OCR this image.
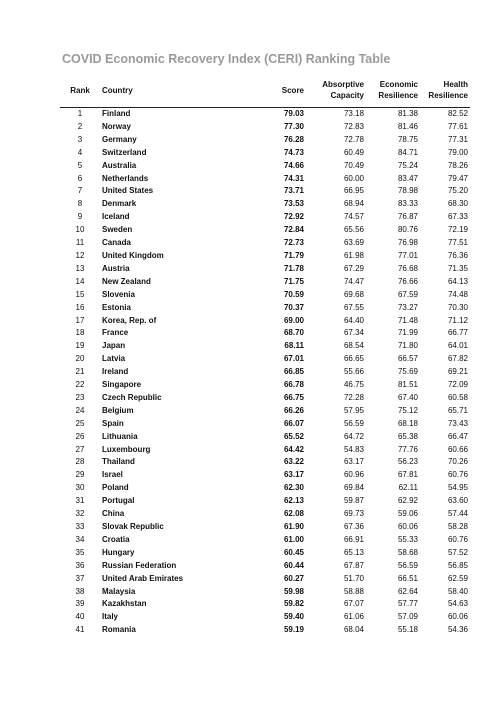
COVID Economic Recovery Index (CERI) Ranking Table
Rank	Country	Score	Absorptive Capacity	Economic Resilience	Health Resilience
1	Finland	79.03	73.18	81.38	82.52
2	Norway	77.30	72.83	81.46	77.61
3	Germany	76.28	72.78	78.75	77.31
4	Switzerland	74.73	60.49	84.71	79.00
5	Australia	74.66	70.49	75.24	78.26
6	Netherlands	74.31	60.00	83.47	79.47
7	United States	73.71	66.95	78.98	75.20
8	Denmark	73.53	68.94	83.33	68.30
9	Iceland	72.92	74.57	76.87	67.33
10	Sweden	72.84	65.56	80.76	72.19
11	Canada	72.73	63.69	76.98	77.51
12	United Kingdom	71.79	61.98	77.01	76.36
13	Austria	71.78	67.29	76.68	71.35
14	New Zealand	71.75	74.47	76.66	64.13
15	Slovenia	70.59	69.68	67.59	74.48
16	Estonia	70.37	67.55	73.27	70.30
17	Korea, Rep. of	69.00	64.40	71.48	71.12
18	France	68.70	67.34	71.99	66.77
19	Japan	68.11	68.54	71.80	64.01
20	Latvia	67.01	66.65	66.57	67.82
21	Ireland	66.85	55.66	75.69	69.21
22	Singapore	66.78	46.75	81.51	72.09
23	Czech Republic	66.75	72.28	67.40	60.58
24	Belgium	66.26	57.95	75.12	65.71
25	Spain	66.07	56.59	68.18	73.43
26	Lithuania	65.52	64.72	65.38	66.47
27	Luxembourg	64.42	54.83	77.76	60.66
28	Thailand	63.22	63.17	56.23	70.26
29	Israel	63.17	60.96	67.81	60.76
30	Poland	62.30	69.84	62.11	54.95
31	Portugal	62.13	59.87	62.92	63.60
32	China	62.08	69.73	59.06	57.44
33	Slovak Republic	61.90	67.36	60.06	58.28
34	Croatia	61.00	66.91	55.33	60.76
35	Hungary	60.45	65.13	58.68	57.52
36	Russian Federation	60.44	67.87	56.59	56.85
37	United Arab Emirates	60.27	51.70	66.51	62.59
38	Malaysia	59.98	58.88	62.64	58.40
39	Kazakhstan	59.82	67.07	57.77	54.63
40	Italy	59.40	61.06	57.09	60.06
41	Romania	59.19	68.04	55.18	54.36
